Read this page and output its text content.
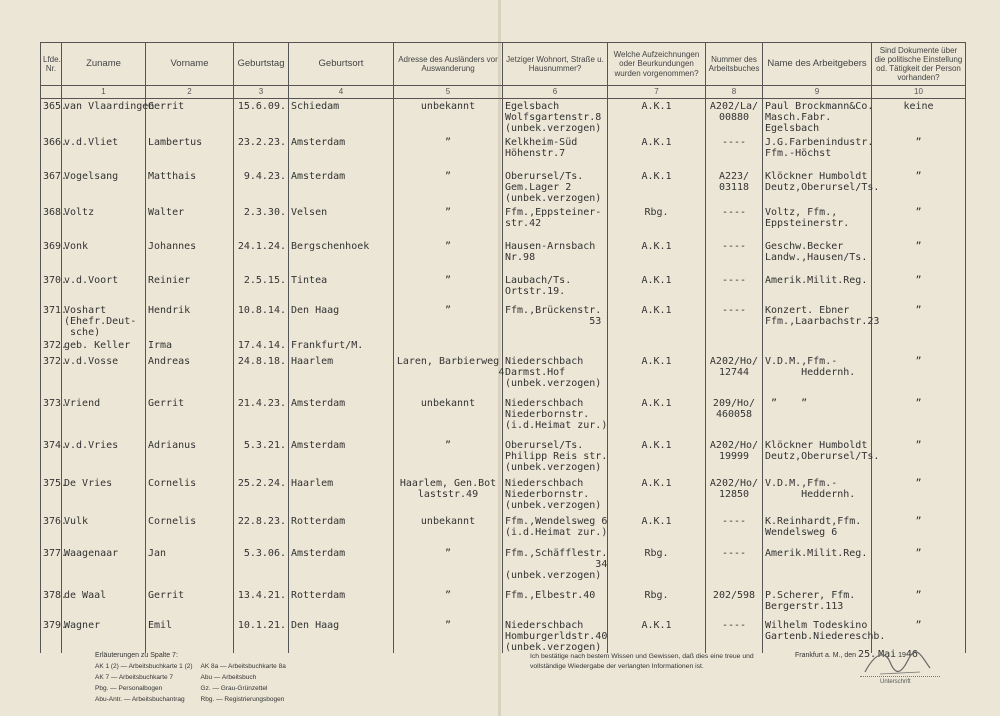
Lfde. Nr.	Zuname	Vorname	Geburtstag	Geburtsort	Adresse des Ausländers vor Auswanderung	Jetziger Wohnort, Straße u. Hausnummer?	Welche Aufzeichnungen oder Beurkundungen wurden vorgenommen?	Nummer des Arbeitsbuches	Name des Arbeitgebers	Sind Dokumente über die politische Einstellung od. Tätigkeit der Person vorhanden?
	1	2	3	4	5	6	7	8	9	10
365.	van Vlaardingen	Gerrit	15.6.09.	Schiedam	unbekannt	Egelsbach
Wolfsgartenstr.8
(unbek.verzogen)	A.K.1	A202/La/
00880	Paul Brockmann&Co.
Masch.Fabr.
Egelsbach	keine
366.	v.d.Vliet	Lambertus	23.2.23.	Amsterdam	”	Kelkheim-Süd
Höhenstr.7	A.K.1	----	J.G.Farbenindustr.
Ffm.-Höchst	”
367.	Vogelsang	Matthais	9.4.23.	Amsterdam	”	Oberursel/Ts.
Gem.Lager 2
(unbek.verzogen)	A.K.1	A223/
03118	Klöckner Humboldt
Deutz,Oberursel/Ts.	”
368.	Voltz	Walter	2.3.30.	Velsen	”	Ffm.,Eppsteiner-
str.42	Rbg.	----	Voltz, Ffm.,
Eppsteinerstr.	”
369.	Vonk	Johannes	24.1.24.	Bergschenhoek	”	Hausen-Arnsbach
Nr.98	A.K.1	----	Geschw.Becker
Landw.,Hausen/Ts.	”
370.	v.d.Voort	Reinier	2.5.15.	Tintea	”	Laubach/Ts.
Ortstr.19.	A.K.1	----	Amerik.Milit.Reg.	”
371.	Voshart
(Ehefr.Deut-
sche)	Hendrik	10.8.14.	Den Haag	”	Ffm.,Brückenstr.
53	A.K.1	----	Konzert. Ebner
Ffm.,Laarbachstr.23	”
372.	geb. Keller	Irma	17.4.14.	Frankfurt/M.						
372.	v.d.Vosse	Andreas	24.8.18.	Haarlem	Laren, Barbierweg
4	Niederschbach
Darmst.Hof
(unbek.verzogen)	A.K.1	A202/Ho/
12744	V.D.M.,Ffm.-
Heddernh.	”
373.	Vriend	Gerrit	21.4.23.	Amsterdam	unbekannt	Niederschbach
Niederbornstr.
(i.d.Heimat zur.)	A.K.1	209/Ho/
460058	”    ”	”
374.	v.d.Vries	Adrianus	5.3.21.	Amsterdam	”	Oberursel/Ts.
Philipp Reis str.
(unbek.verzogen)	A.K.1	A202/Ho/
19999	Klöckner Humboldt
Deutz,Oberursel/Ts.	”
375.	De Vries	Cornelis	25.2.24.	Haarlem	Haarlem, Gen.Bot
laststr.49	Niederschbach
Niederbornstr.
(unbek.verzogen)	A.K.1	A202/Ho/
12850	V.D.M.,Ffm.-
Heddernh.	”
376.	Vulk	Cornelis	22.8.23.	Rotterdam	unbekannt	Ffm.,Wendelsweg 6
(i.d.Heimat zur.)	A.K.1	----	K.Reinhardt,Ffm.
Wendelsweg 6	”
377.	Waagenaar	Jan	5.3.06.	Amsterdam	”	Ffm.,Schäfflestr.
34
(unbek.verzogen)	Rbg.	----	Amerik.Milit.Reg.	”
378.	de Waal	Gerrit	13.4.21.	Rotterdam	”	Ffm.,Elbestr.40	Rbg.	202/598	P.Scherer, Ffm.
Bergerstr.113	”
379.	Wagner	Emil	10.1.21.	Den Haag	”	Niederschbach
Homburgerldstr.40
(unbek.verzogen)	A.K.1	----	Wilhelm Todeskino
Gartenb.Niedereschb.	”
Erläuterungen zu Spalte 7:
AK 1 (2) — Arbeitsbuchkarte 1 (2) AK 8a — Arbeitsbuchkarte 8a
AK 7 — Arbeitsbuchkarte 7	Abu — Arbeitsbuch
Pbg. — Personalbogen	Gz. — Grau-Grünzettel
Abu-Antr. — Arbeitsbuchantrag	Rbg. — Registrierungsbogen
Ich bestätige nach bestem Wissen und Gewissen, daß dies eine treue und vollständige Wiedergabe der verlangten Informationen ist.
Frankfurt a. M., den 25. Mai 1946
Unterschrift
